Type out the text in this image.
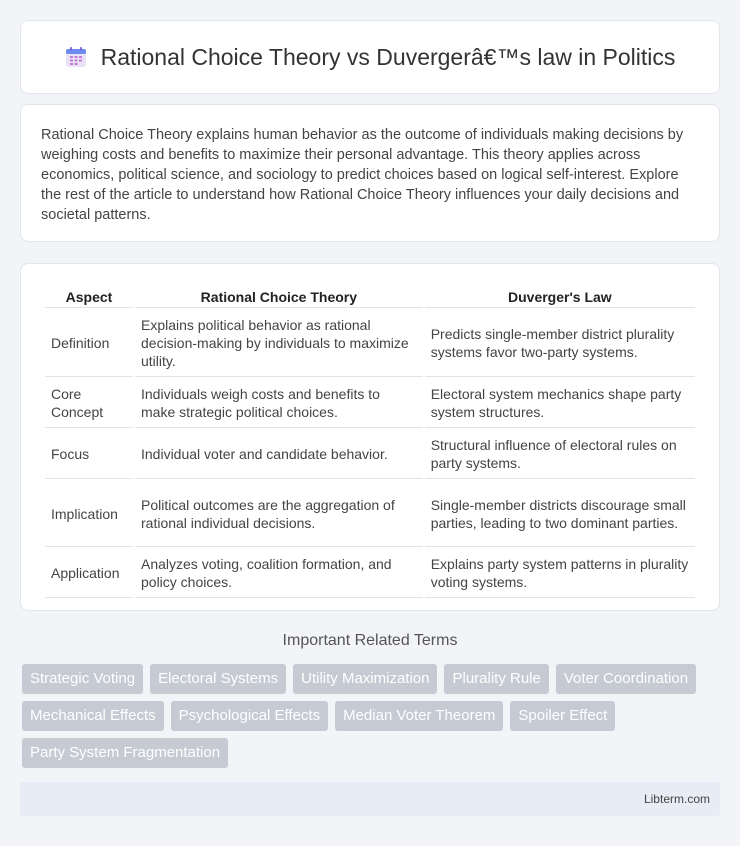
Rational Choice Theory vs Duvergerâ€™s law in Politics

Rational Choice Theory explains human behavior as the outcome of individuals making decisions by weighing costs and benefits to maximize their personal advantage. This theory applies across economics, political science, and sociology to predict choices based on logical self-interest. Explore the rest of the article to understand how Rational Choice Theory influences your daily decisions and societal patterns.

Aspect	Rational Choice Theory	Duverger's Law
Definition	Explains political behavior as rational decision-making by individuals to maximize utility.	Predicts single-member district plurality systems favor two-party systems.
Core Concept	Individuals weigh costs and benefits to make strategic political choices.	Electoral system mechanics shape party system structures.
Focus	Individual voter and candidate behavior.	Structural influence of electoral rules on party systems.
Implication	Political outcomes are the aggregation of rational individual decisions.	Single-member districts discourage small parties, leading to two dominant parties.
Application	Analyzes voting, coalition formation, and policy choices.	Explains party system patterns in plurality voting systems.
Important Related Terms
Strategic Voting	Electoral Systems	Utility Maximization	Plurality Rule	Voter Coordination
Mechanical Effects	Psychological Effects	Median Voter Theorem	Spoiler Effect
Party System Fragmentation
Libterm.com
